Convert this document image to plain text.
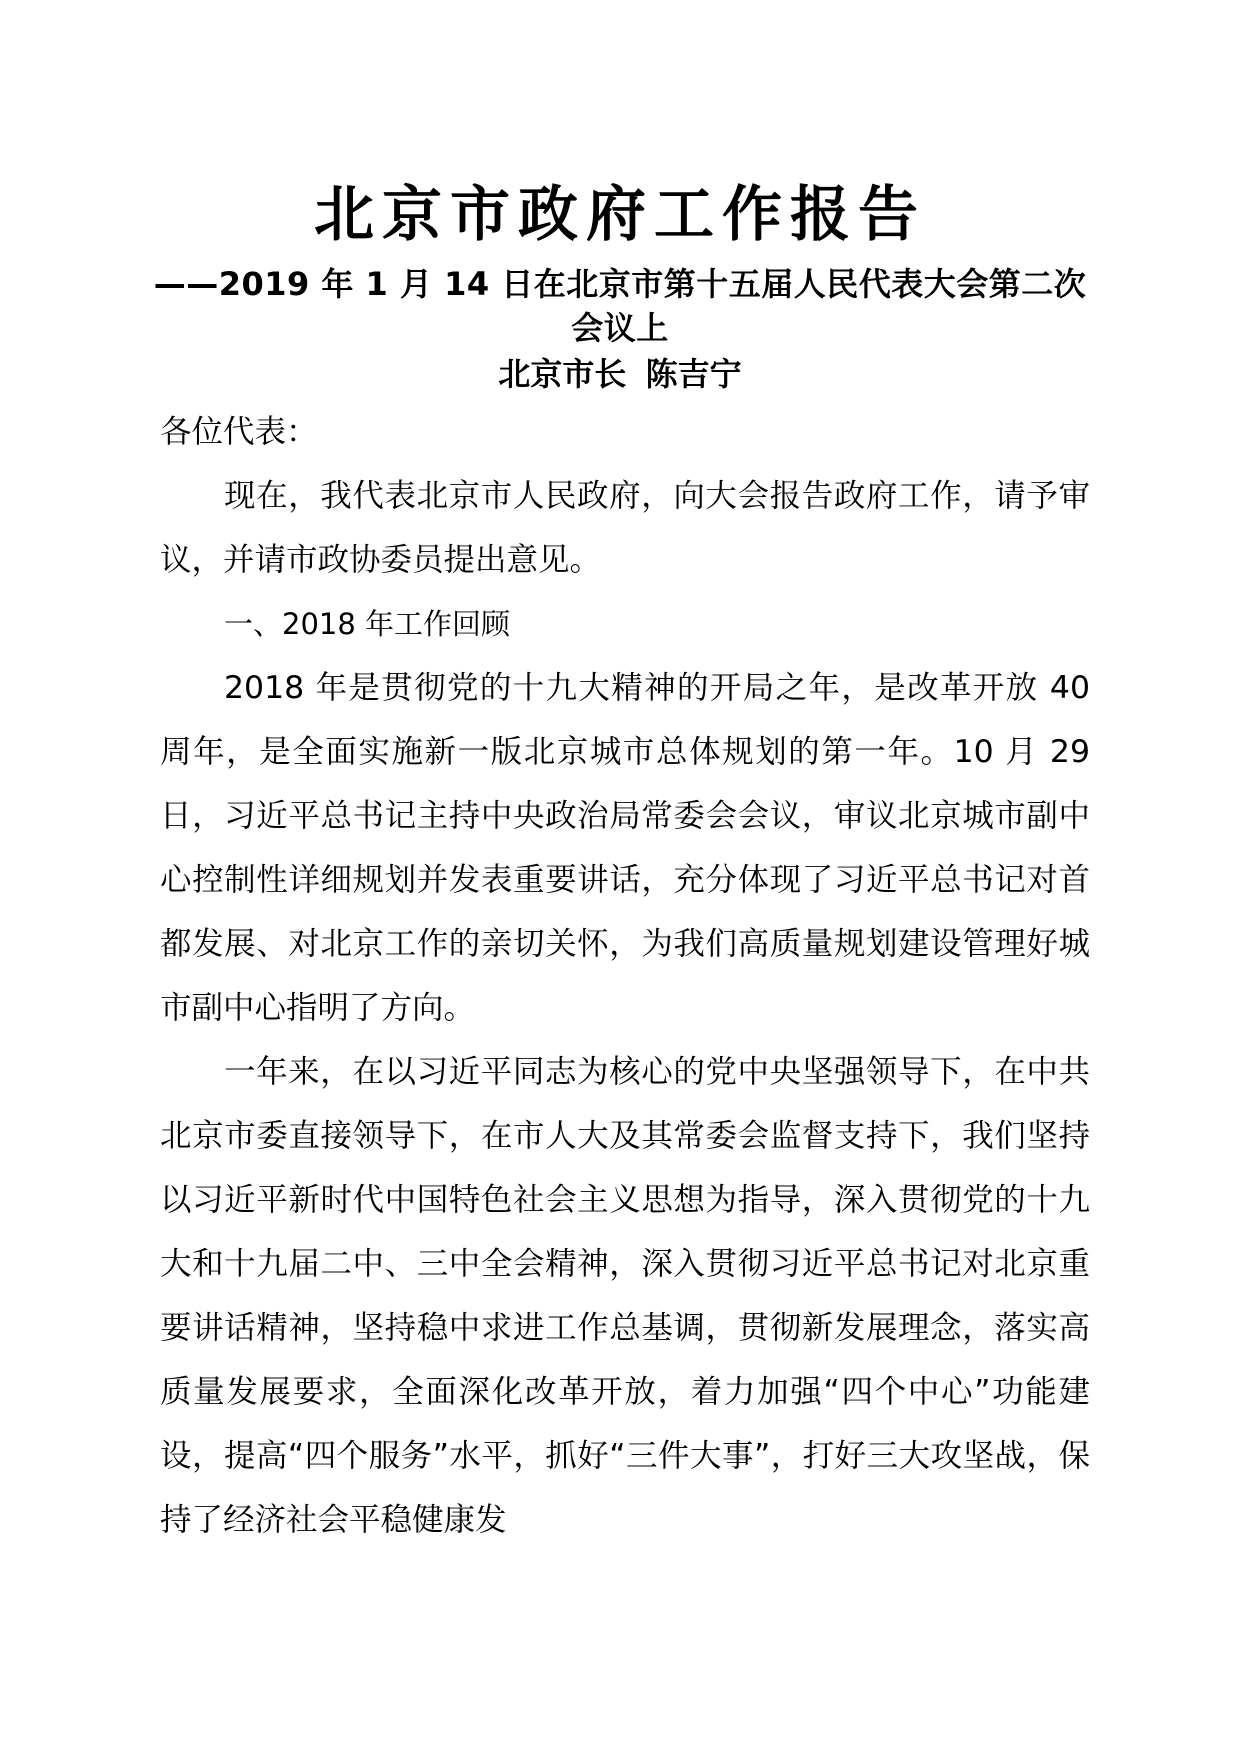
北京市政府工作报告
——2019 年 1 月 14 日在北京市第十五届人民代表大会第二次会议上
北京市长 陈吉宁

各位代表：

现在，我代表北京市人民政府，向大会报告政府工作，请予审议，并请市政协委员提出意见。

一、2018 年工作回顾

2018 年是贯彻党的十九大精神的开局之年，是改革开放 40 周年，是全面实施新一版北京城市总体规划的第一年。10 月 29 日，习近平总书记主持中央政治局常委会会议，审议北京城市副中心控制性详细规划并发表重要讲话，充分体现了习近平总书记对首都发展、对北京工作的亲切关怀，为我们高质量规划建设管理好城市副中心指明了方向。

一年来，在以习近平同志为核心的党中央坚强领导下，在中共北京市委直接领导下，在市人大及其常委会监督支持下，我们坚持以习近平新时代中国特色社会主义思想为指导，深入贯彻党的十九大和十九届二中、三中全会精神，深入贯彻习近平总书记对北京重要讲话精神，坚持稳中求进工作总基调，贯彻新发展理念，落实高质量发展要求，全面深化改革开放，着力加强“四个中心”功能建设，提高“四个服务”水平，抓好“三件大事”，打好三大攻坚战，保持了经济社会平稳健康发
